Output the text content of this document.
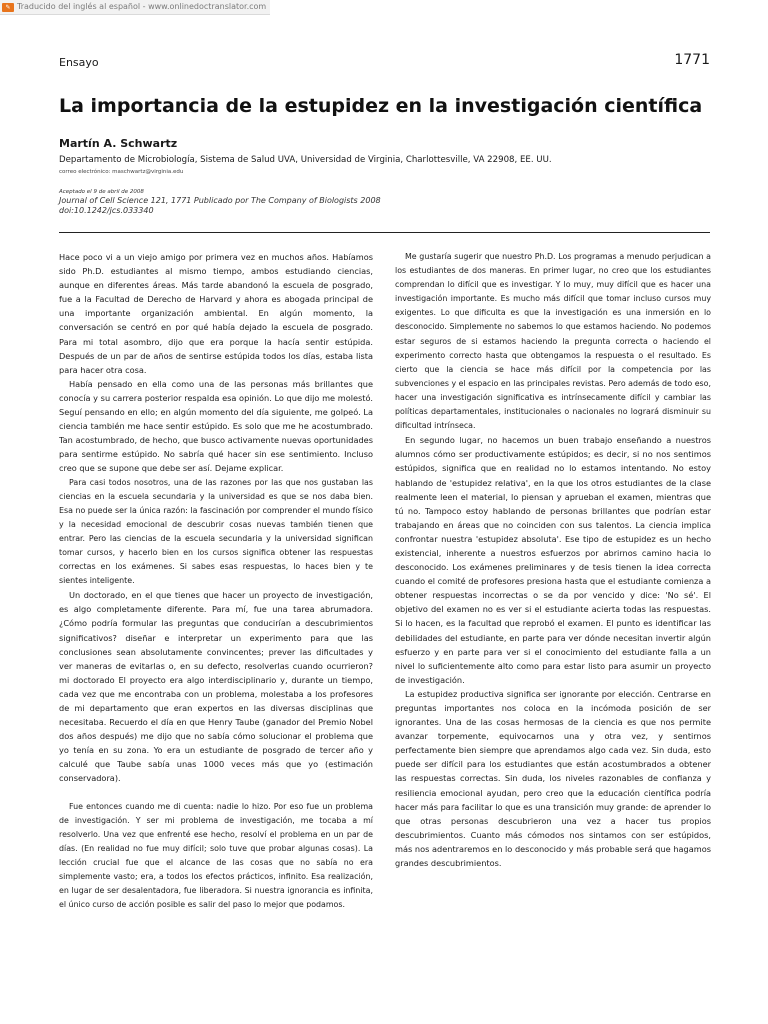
✎ Traducido del inglés al español - www.onlinedoctranslator.com
Ensayo	1771
La importancia de la estupidez en la investigación científica
Martín A. Schwartz
Departamento de Microbiología, Sistema de Salud UVA, Universidad de Virginia, Charlottesville, VA 22908, EE. UU.
correo electrónico: maschwartz@virginia.edu
Aceptado el 9 de abril de 2008
Journal of Cell Science 121, 1771 Publicado por The Company of Biologists 2008
doi:10.1242/jcs.033340

Hace poco vi a un viejo amigo por primera vez en muchos años. Habíamos sido Ph.D. estudiantes al mismo tiempo, ambos estudiando ciencias, aunque en diferentes áreas. Más tarde abandonó la escuela de posgrado, fue a la Facultad de Derecho de Harvard y ahora es abogada principal de una importante organización ambiental. En algún momento, la conversación se centró en por qué había dejado la escuela de posgrado. Para mi total asombro, dijo que era porque la hacía sentir estúpida. Después de un par de años de sentirse estúpida todos los días, estaba lista para hacer otra cosa.

Había pensado en ella como una de las personas más brillantes que conocía y su carrera posterior respalda esa opinión. Lo que dijo me molestó. Seguí pensando en ello; en algún momento del día siguiente, me golpeó. La ciencia también me hace sentir estúpido. Es solo que me he acostumbrado. Tan acostumbrado, de hecho, que busco activamente nuevas oportunidades para sentirme estúpido. No sabría qué hacer sin ese sentimiento. Incluso creo que se supone que debe ser así. Dejame explicar.

Para casi todos nosotros, una de las razones por las que nos gustaban las ciencias en la escuela secundaria y la universidad es que se nos daba bien. Esa no puede ser la única razón: la fascinación por comprender el mundo físico y la necesidad emocional de descubrir cosas nuevas también tienen que entrar. Pero las ciencias de la escuela secundaria y la universidad significan tomar cursos, y hacerlo bien en los cursos significa obtener las respuestas correctas en los exámenes. Si sabes esas respuestas, lo haces bien y te sientes inteligente.

Un doctorado, en el que tienes que hacer un proyecto de investigación, es algo completamente diferente. Para mí, fue una tarea abrumadora. ¿Cómo podría formular las preguntas que conducirían a descubrimientos significativos? diseñar e interpretar un experimento para que las conclusiones sean absolutamente convincentes; prever las dificultades y ver maneras de evitarlas o, en su defecto, resolverlas cuando ocurrieron? mi doctorado El proyecto era algo interdisciplinario y, durante un tiempo, cada vez que me encontraba con un problema, molestaba a los profesores de mi departamento que eran expertos en las diversas disciplinas que necesitaba. Recuerdo el día en que Henry Taube (ganador del Premio Nobel dos años después) me dijo que no sabía cómo solucionar el problema que yo tenía en su zona. Yo era un estudiante de posgrado de tercer año y calculé que Taube sabía unas 1000 veces más que yo (estimación conservadora).

Fue entonces cuando me di cuenta: nadie lo hizo. Por eso fue un problema de investigación. Y ser mi problema de investigación, me tocaba a mí resolverlo. Una vez que enfrenté ese hecho, resolví el problema en un par de días. (En realidad no fue muy difícil; solo tuve que probar algunas cosas). La lección crucial fue que el alcance de las cosas que no sabía no era simplemente vasto; era, a todos los efectos prácticos, infinito. Esa realización, en lugar de ser desalentadora, fue liberadora. Si nuestra ignorancia es infinita, el único curso de acción posible es salir del paso lo mejor que podamos.

Me gustaría sugerir que nuestro Ph.D. Los programas a menudo perjudican a los estudiantes de dos maneras. En primer lugar, no creo que los estudiantes comprendan lo difícil que es investigar. Y lo muy, muy difícil que es hacer una investigación importante. Es mucho más difícil que tomar incluso cursos muy exigentes. Lo que dificulta es que la investigación es una inmersión en lo desconocido. Simplemente no sabemos lo que estamos haciendo. No podemos estar seguros de si estamos haciendo la pregunta correcta o haciendo el experimento correcto hasta que obtengamos la respuesta o el resultado. Es cierto que la ciencia se hace más difícil por la competencia por las subvenciones y el espacio en las principales revistas. Pero además de todo eso, hacer una investigación significativa es intrínsecamente difícil y cambiar las políticas departamentales, institucionales o nacionales no logrará disminuir su dificultad intrínseca.

En segundo lugar, no hacemos un buen trabajo enseñando a nuestros alumnos cómo ser productivamente estúpidos; es decir, si no nos sentimos estúpidos, significa que en realidad no lo estamos intentando. No estoy hablando de 'estupidez relativa', en la que los otros estudiantes de la clase realmente leen el material, lo piensan y aprueban el examen, mientras que tú no. Tampoco estoy hablando de personas brillantes que podrían estar trabajando en áreas que no coinciden con sus talentos. La ciencia implica confrontar nuestra 'estupidez absoluta'. Ese tipo de estupidez es un hecho existencial, inherente a nuestros esfuerzos por abrirnos camino hacia lo desconocido. Los exámenes preliminares y de tesis tienen la idea correcta cuando el comité de profesores presiona hasta que el estudiante comienza a obtener respuestas incorrectas o se da por vencido y dice: 'No sé'. El objetivo del examen no es ver si el estudiante acierta todas las respuestas. Si lo hacen, es la facultad que reprobó el examen. El punto es identificar las debilidades del estudiante, en parte para ver dónde necesitan invertir algún esfuerzo y en parte para ver si el conocimiento del estudiante falla a un nivel lo suficientemente alto como para estar listo para asumir un proyecto de investigación.

La estupidez productiva significa ser ignorante por elección. Centrarse en preguntas importantes nos coloca en la incómoda posición de ser ignorantes. Una de las cosas hermosas de la ciencia es que nos permite avanzar torpemente, equivocarnos una y otra vez, y sentirnos perfectamente bien siempre que aprendamos algo cada vez. Sin duda, esto puede ser difícil para los estudiantes que están acostumbrados a obtener las respuestas correctas. Sin duda, los niveles razonables de confianza y resiliencia emocional ayudan, pero creo que la educación científica podría hacer más para facilitar lo que es una transición muy grande: de aprender lo que otras personas descubrieron una vez a hacer tus propios descubrimientos. Cuanto más cómodos nos sintamos con ser estúpidos, más nos adentraremos en lo desconocido y más probable será que hagamos grandes descubrimientos.
